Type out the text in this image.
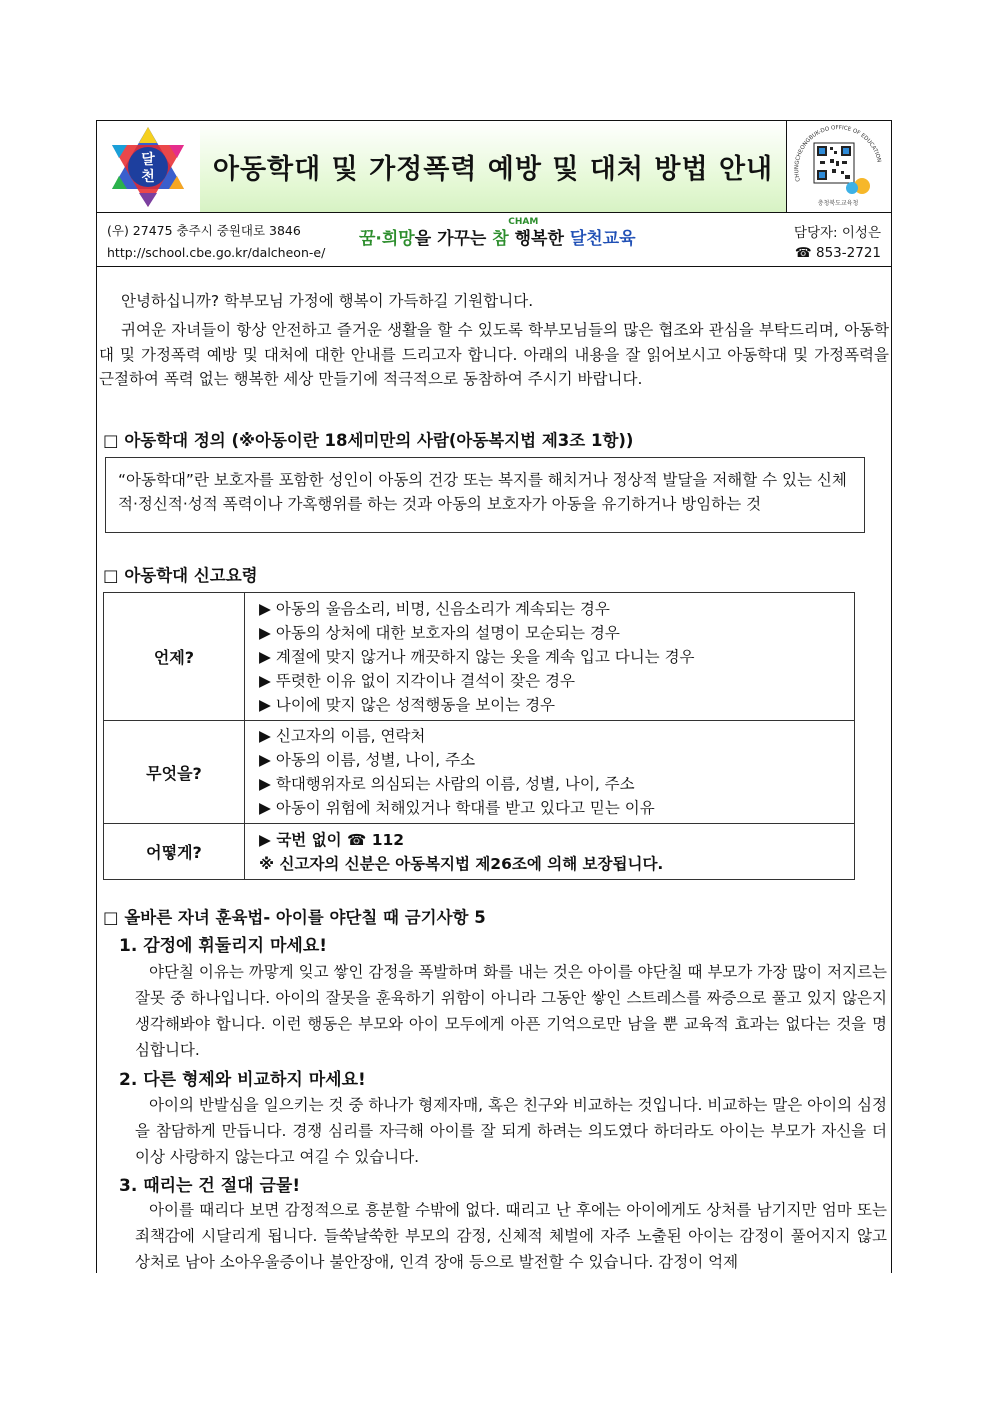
달
천 아동학대 및 가정폭력 예방 및 대처 방법 안내	CHUNGCHEONGBUK-DO OFFICE OF EDUCATION
충청북도교육청
(우) 27475 충주시 중원대로 3846
http://school.cbe.go.kr/dalcheon-e/
꿈·희망을 가꾸는 참
CHAM
행복한 달천교육	담당자: 이성은
☎ 853-2721

안녕하십니까? 학부모님 가정에 행복이 가득하길 기원합니다.

귀여운 자녀들이 항상 안전하고 즐거운 생활을 할 수 있도록 학부모님들의 많은 협조와 관심을 부탁드리며, 아동학대 및 가정폭력 예방 및 대처에 대한 안내를 드리고자 합니다. 아래의 내용을 잘 읽어보시고 아동학대 및 가정폭력을 근절하여 폭력 없는 행복한 세상 만들기에 적극적으로 동참하여 주시기 바랍니다.

□ 아동학대 정의 (※아동이란 18세미만의 사람(아동복지법 제3조 1항))
“아동학대”란 보호자를 포함한 성인이 아동의 건강 또는 복지를 해치거나 정상적 발달을 저해할 수 있는 신체적·정신적·성적 폭력이나 가혹행위를 하는 것과 아동의 보호자가 아동을 유기하거나 방임하는 것
□ 아동학대 신고요령
언제?	▶ 아동의 울음소리, 비명, 신음소리가 계속되는 경우
▶ 아동의 상처에 대한 보호자의 설명이 모순되는 경우
▶ 계절에 맞지 않거나 깨끗하지 않는 옷을 계속 입고 다니는 경우
▶ 뚜렷한 이유 없이 지각이나 결석이 잦은 경우
▶ 나이에 맞지 않은 성적행동을 보이는 경우

무엇을?	▶ 신고자의 이름, 연락처
▶ 아동의 이름, 성별, 나이, 주소
▶ 학대행위자로 의심되는 사람의 이름, 성별, 나이, 주소
▶ 아동이 위험에 처해있거나 학대를 받고 있다고 믿는 이유

어떻게?	▶ 국번 없이 ☎ 112
※ 신고자의 신분은 아동복지법 제26조에 의해 보장됩니다.
□ 올바른 자녀 훈육법- 아이를 야단칠 때 금기사항 5
1. 감정에 휘둘리지 마세요!
야단칠 이유는 까맣게 잊고 쌓인 감정을 폭발하며 화를 내는 것은 아이를 야단칠 때 부모가 가장 많이 저지르는 잘못 중 하나입니다. 아이의 잘못을 훈육하기 위함이 아니라 그동안 쌓인 스트레스를 짜증으로 풀고 있지 않은지 생각해봐야 합니다. 이런 행동은 부모와 아이 모두에게 아픈 기억으로만 남을 뿐 교육적 효과는 없다는 것을 명심합니다.
2. 다른 형제와 비교하지 마세요!
아이의 반발심을 일으키는 것 중 하나가 형제자매, 혹은 친구와 비교하는 것입니다. 비교하는 말은 아이의 심정을 참담하게 만듭니다. 경쟁 심리를 자극해 아이를 잘 되게 하려는 의도였다 하더라도 아이는 부모가 자신을 더 이상 사랑하지 않는다고 여길 수 있습니다.
3. 때리는 건 절대 금물!
아이를 때리다 보면 감정적으로 흥분할 수밖에 없다. 때리고 난 후에는 아이에게도 상처를 남기지만 엄마 또는 죄책감에 시달리게 됩니다. 들쑥날쑥한 부모의 감정, 신체적 체벌에 자주 노출된 아이는 감정이 풀어지지 않고 상처로 남아 소아우울증이나 불안장애, 인격 장애 등으로 발전할 수 있습니다. 감정이 억제
